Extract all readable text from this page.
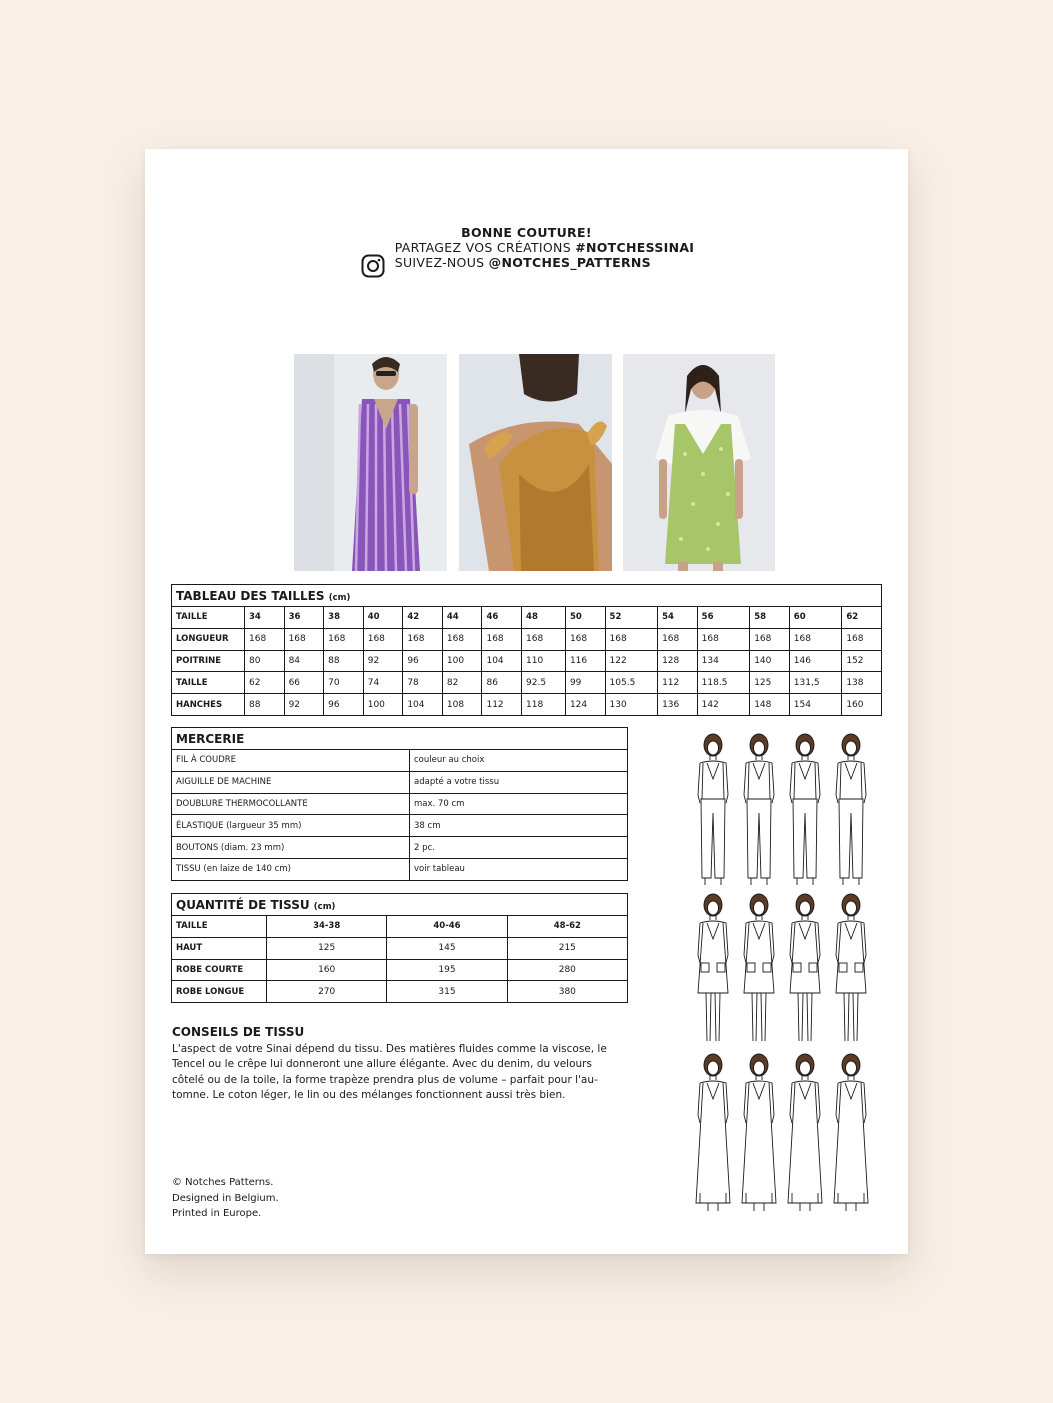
BONNE COUTURE!
PARTAGEZ VOS CRÉATIONS #NOTCHESSINAI
SUIVEZ-NOUS @NOTCHES_PATTERNS
TABLEAU DES TAILLES (cm)															
TAILLE	34	36	38	40	42	44	46	48	50	52	54	56	58	60	62
LONGUEUR	168	168	168	168	168	168	168	168	168	168	168	168	168	168	168
POITRINE	80	84	88	92	96	100	104	110	116	122	128	134	140	146	152
TAILLE	62	66	70	74	78	82	86	92.5	99	105.5	112	118.5	125	131,5	138
HANCHES	88	92	96	100	104	108	112	118	124	130	136	142	148	154	160
MERCERIE	
FIL À COUDRE	couleur au choix
AIGUILLE DE MACHINE	adapté a votre tissu
DOUBLURE THERMOCOLLANTE	max. 70 cm
ÉLASTIQUE (largueur 35 mm)	38 cm
BOUTONS (diam. 23 mm)	2 pc.
TISSU (en laize de 140 cm)	voir tableau
QUANTITÉ DE TISSU (cm)			
TAILLE	34-38	40-46	48-62
HAUT	125	145	215
ROBE COURTE	160	195	280
ROBE LONGUE	270	315	380
CONSEILS DE TISSU

L'aspect de votre Sinai dépend du tissu. Des matières fluides comme la viscose, le
Tencel ou le crêpe lui donneront une allure élégante. Avec du denim, du velours
côtelé ou de la toile, la forme trapèze prendra plus de volume – parfait pour l'au-
tomne. Le coton léger, le lin ou des mélanges fonctionnent aussi très bien.

© Notches Patterns.
Designed in Belgium.
Printed in Europe.
